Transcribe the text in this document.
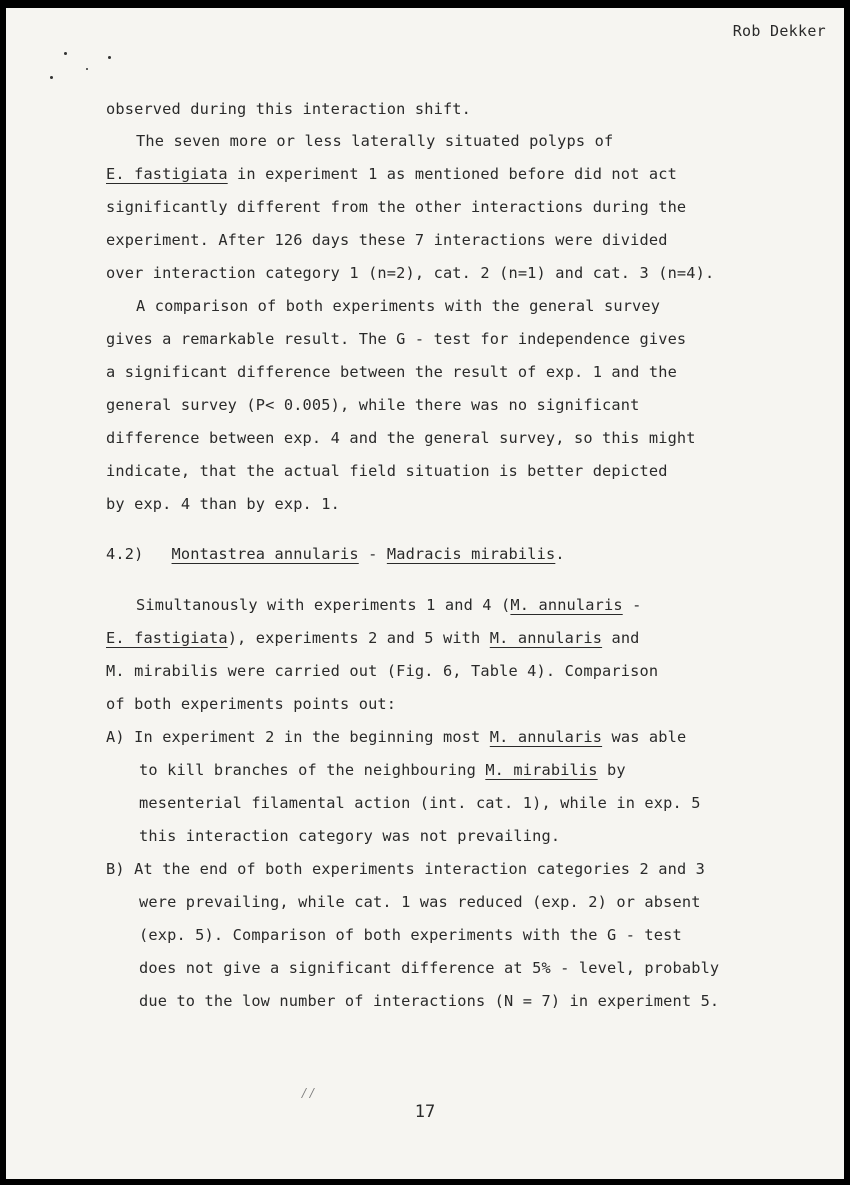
Rob Dekker
observed during this interaction shift.
The seven more or less laterally situated polyps of
E. fastigiata in experiment 1 as mentioned before did not act
significantly different from the other interactions during the
experiment. After 126 days these 7 interactions were divided
over interaction category 1 (n=2), cat. 2 (n=1) and cat. 3 (n=4).
A comparison of both experiments with the general survey
gives a remarkable result. The G - test for independence gives
a significant difference between the result of exp. 1 and the
general survey (P< 0.005), while there was no significant
difference between exp. 4 and the general survey, so this might
indicate, that the actual field situation is better depicted
by exp. 4 than by exp. 1.
4.2) Montastrea annularis - Madracis mirabilis.
Simultanously with experiments 1 and 4 (M. annularis -
E. fastigiata), experiments 2 and 5 with M. annularis and
M. mirabilis were carried out (Fig. 6, Table 4). Comparison
of both experiments points out:
A) In experiment 2 in the beginning most M. annularis was able
to kill branches of the neighbouring M. mirabilis by
mesenterial filamental action (int. cat. 1), while in exp. 5
this interaction category was not prevailing.
B) At the end of both experiments interaction categories 2 and 3
were prevailing, while cat. 1 was reduced (exp. 2) or absent
(exp. 5). Comparison of both experiments with the G - test
does not give a significant difference at 5% - level, probably
due to the low number of interactions (N = 7) in experiment 5.
/ /
17
